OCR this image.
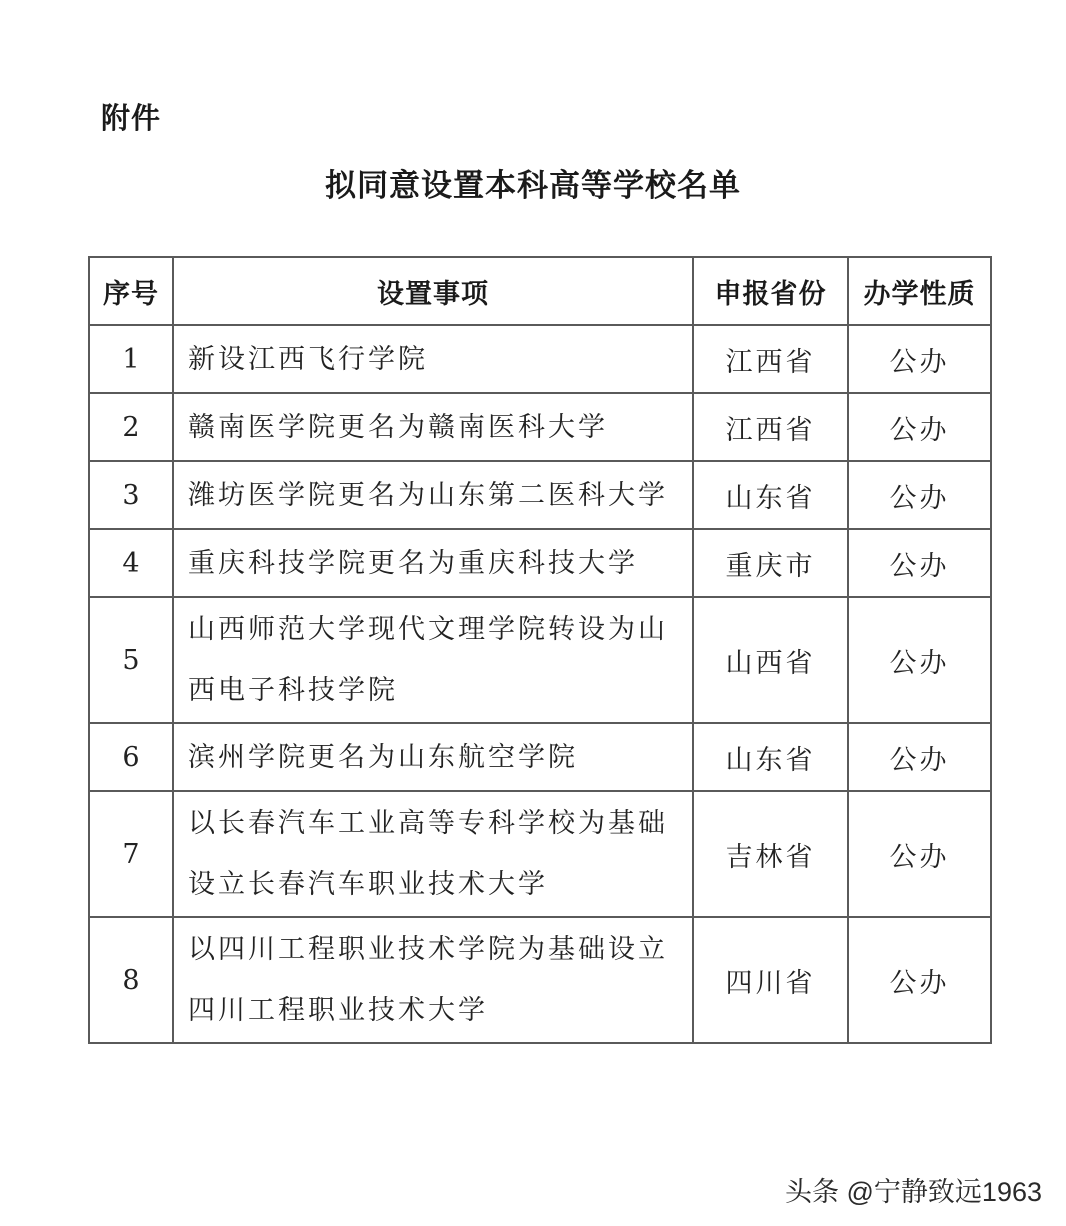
附件
拟同意设置本科高等学校名单
序号	设置事项	申报省份	办学性质
1	新设江西飞行学院	江西省	公办
2	赣南医学院更名为赣南医科大学	江西省	公办
3	潍坊医学院更名为山东第二医科大学	山东省	公办
4	重庆科技学院更名为重庆科技大学	重庆市	公办
5	山西师范大学现代文理学院转设为山西电子科技学院	山西省	公办
6	滨州学院更名为山东航空学院	山东省	公办
7	以长春汽车工业高等专科学校为基础设立长春汽车职业技术大学	吉林省	公办
8	以四川工程职业技术学院为基础设立四川工程职业技术大学	四川省	公办
头条 @宁静致远1963
